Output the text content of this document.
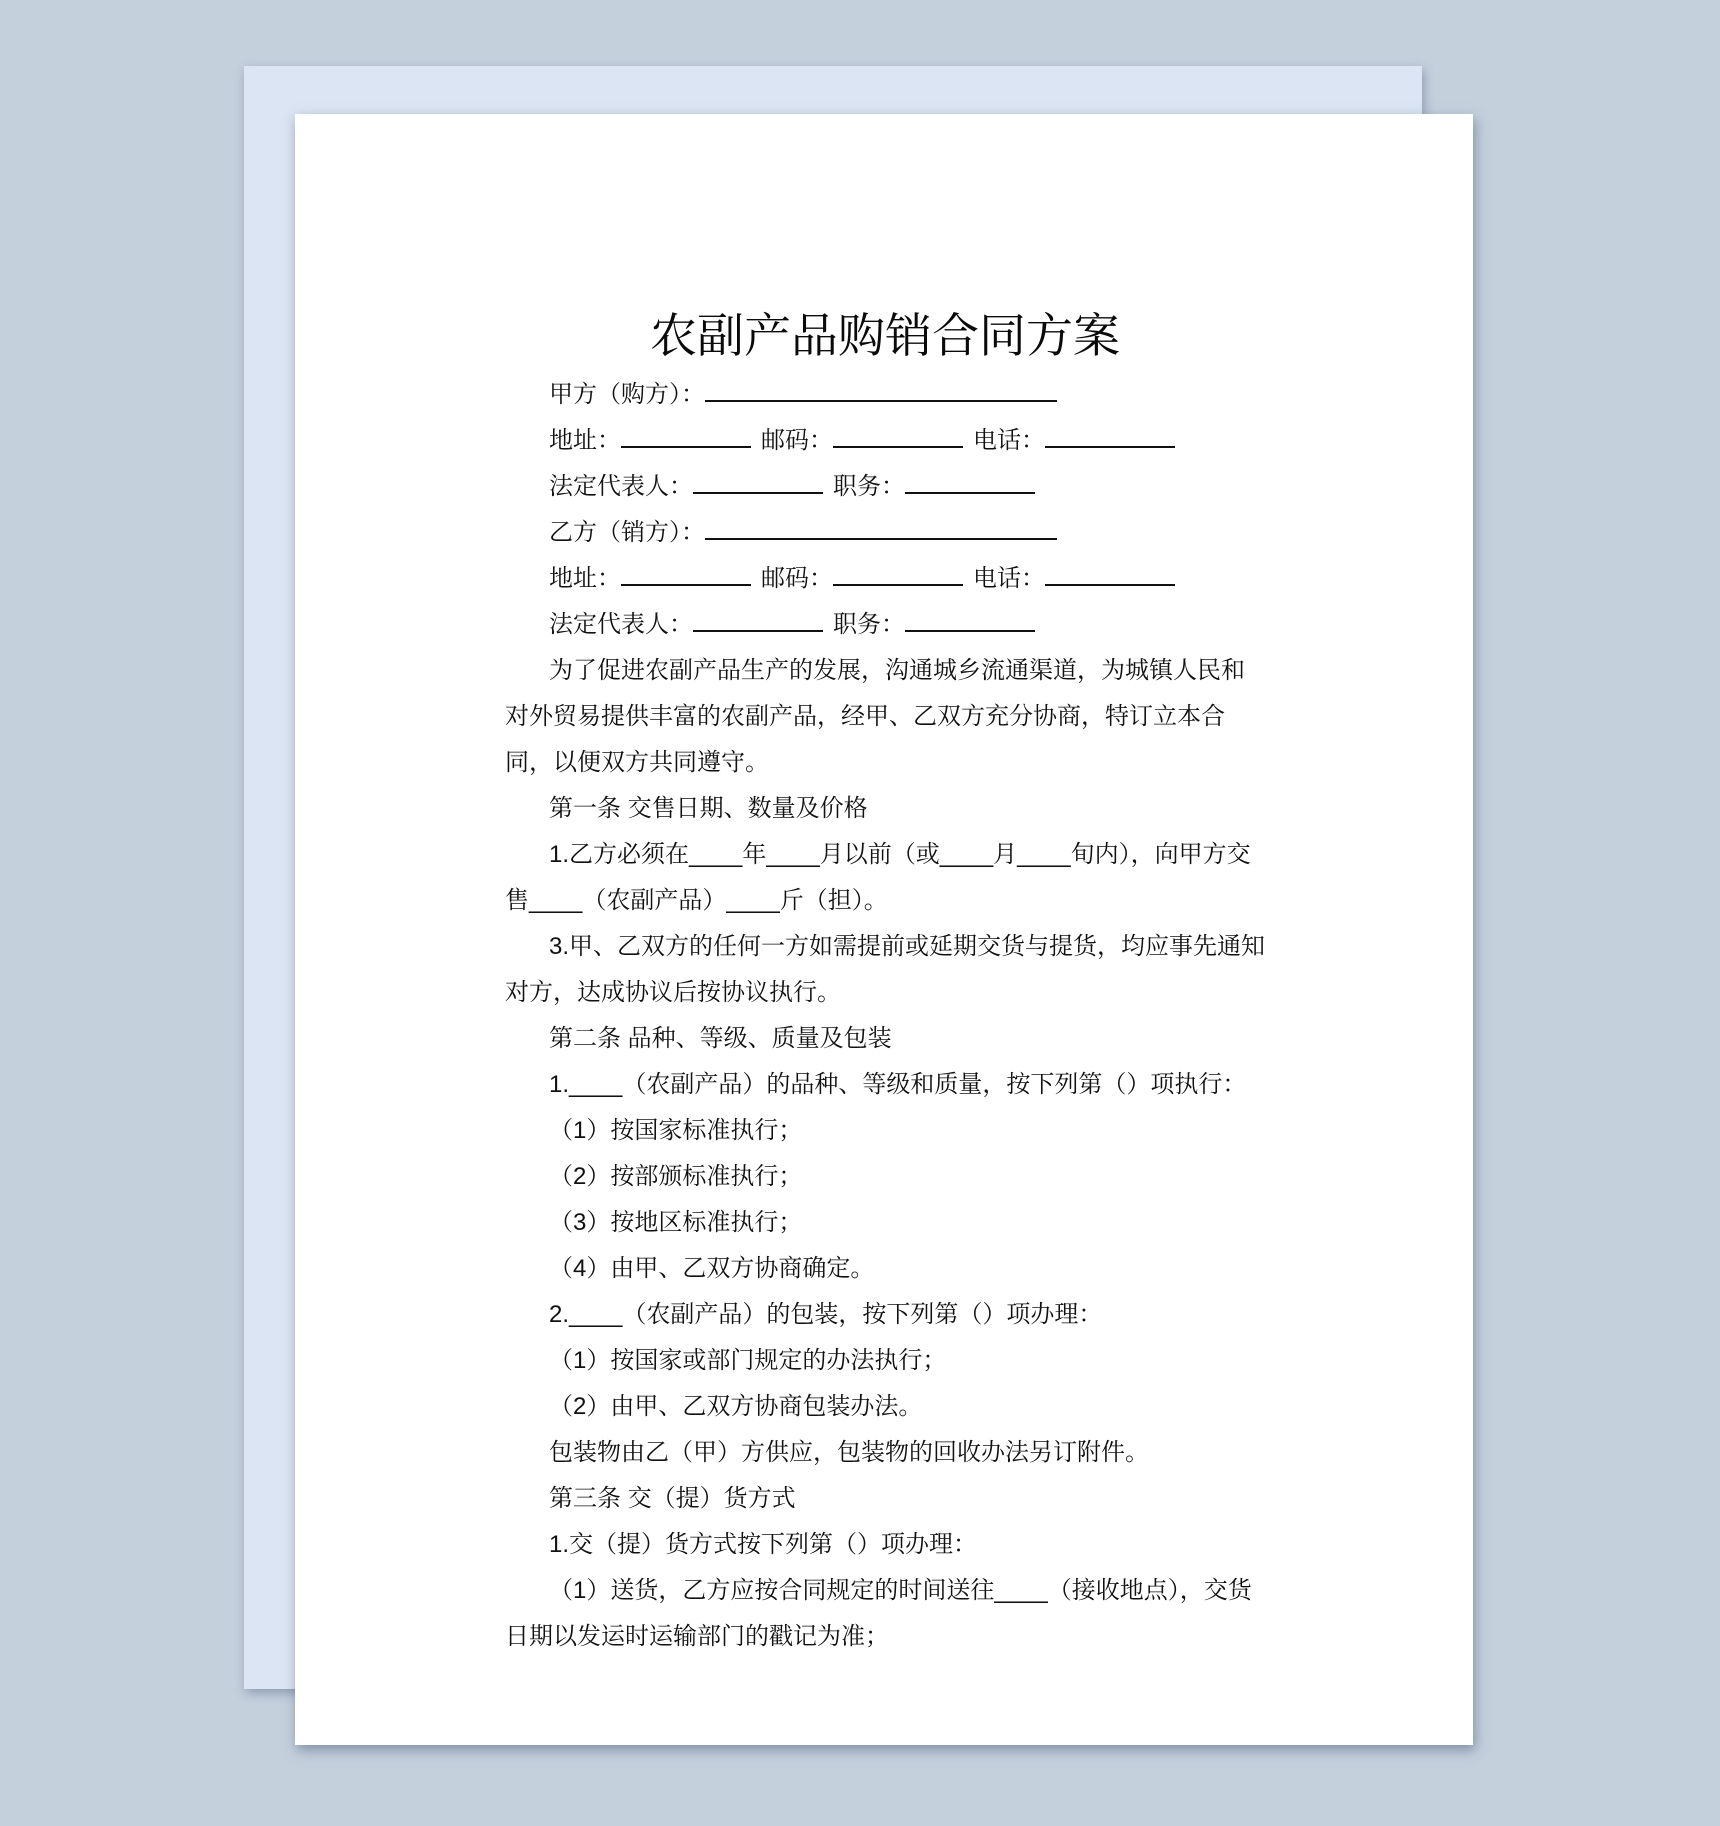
农副产品购销合同方案

甲方（购方）：

地址：	邮码：	电话：

法定代表人：	职务：

乙方（销方）：

地址：	邮码：	电话：

法定代表人：	职务：

为了促进农副产品生产的发展，沟通城乡流通渠道，为城镇人民和对外贸易提供丰富的农副产品，经甲、乙双方充分协商，特订立本合同，以便双方共同遵守。

第一条 交售日期、数量及价格

1.乙方必须在____年____月以前（或____月____旬内），向甲方交售____（农副产品）____斤（担）。

3.甲、乙双方的任何一方如需提前或延期交货与提货，均应事先通知对方，达成协议后按协议执行。

第二条 品种、等级、质量及包装

1.____（农副产品）的品种、等级和质量，按下列第（）项执行：

（1）按国家标准执行；

（2）按部颁标准执行；

（3）按地区标准执行；

（4）由甲、乙双方协商确定。

2.____（农副产品）的包装，按下列第（）项办理：

（1）按国家或部门规定的办法执行；

（2）由甲、乙双方协商包装办法。

包装物由乙（甲）方供应，包装物的回收办法另订附件。

第三条 交（提）货方式

1.交（提）货方式按下列第（）项办理：

（1）送货，乙方应按合同规定的时间送往____（接收地点），交货日期以发运时运输部门的戳记为准；
